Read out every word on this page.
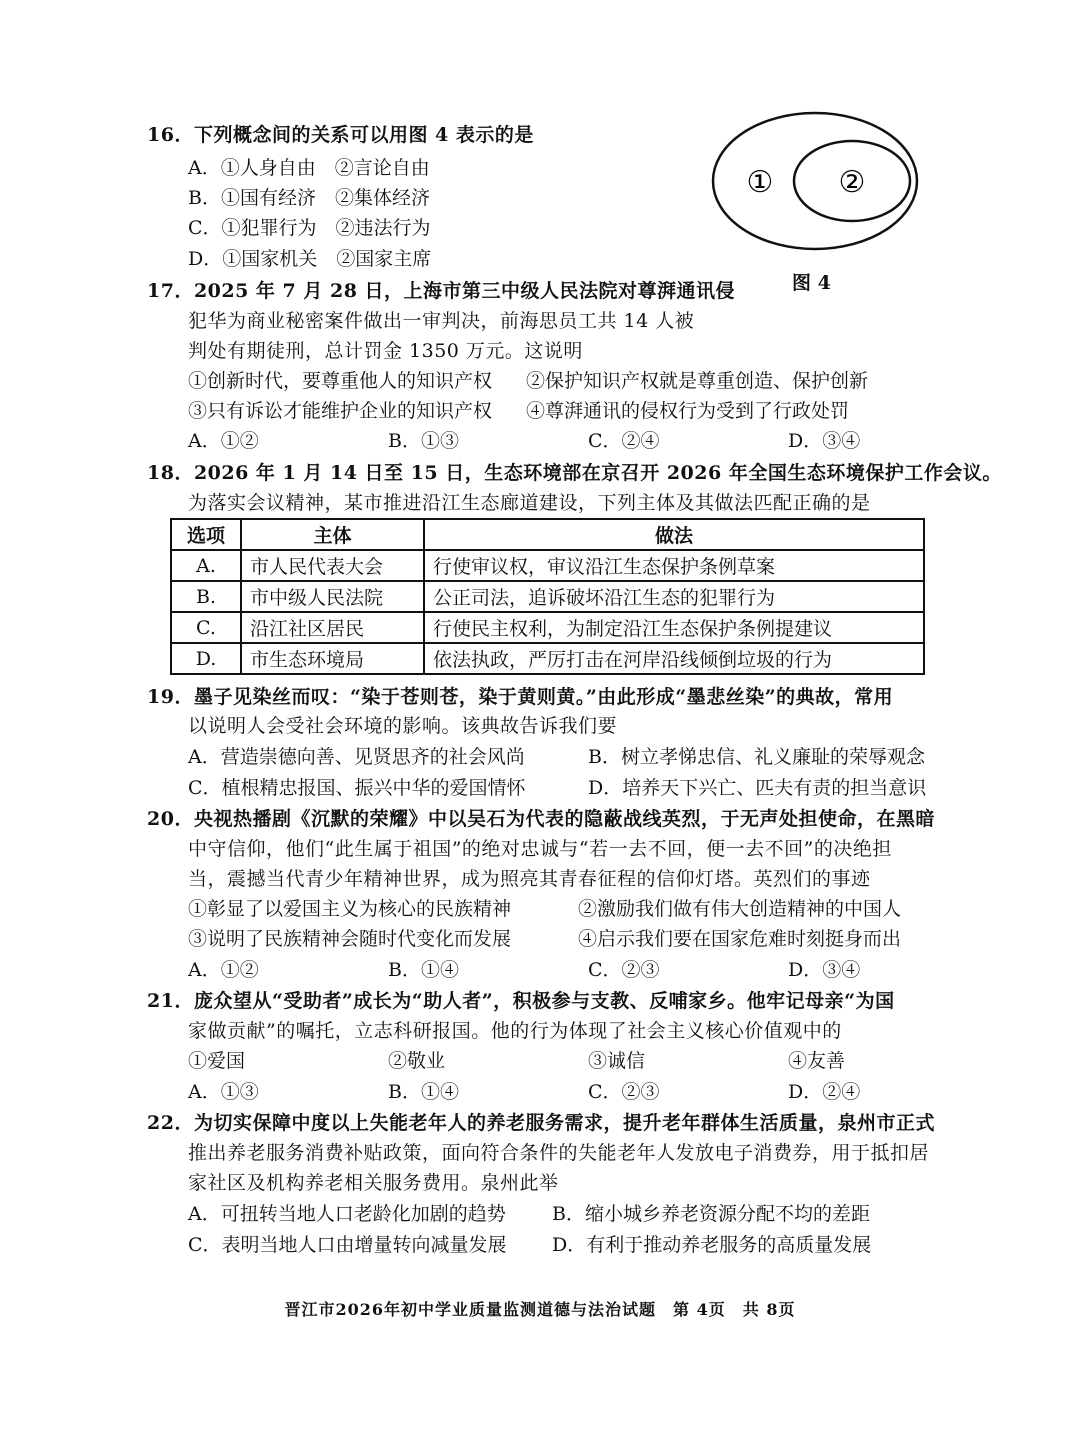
16．下列概念间的关系可以用图 4 表示的是
A．①人身自由　②言论自由
B．①国有经济　②集体经济
C．①犯罪行为　②违法行为
D．①国家机关　②国家主席
① ②
图 4
17．2025 年 7 月 28 日，上海市第三中级人民法院对尊湃通讯侵
犯华为商业秘密案件做出一审判决，前海思员工共 14 人被
判处有期徒刑，总计罚金 1350 万元。这说明
①创新时代，要尊重他人的知识产权 ②保护知识产权就是尊重创造、保护创新
③只有诉讼才能维护企业的知识产权 ④尊湃通讯的侵权行为受到了行政处罚
A．①②	B．①③	C．②④	D．③④
18．2026 年 1 月 14 日至 15 日，生态环境部在京召开 2026 年全国生态环境保护工作会议。
为落实会议精神，某市推进沿江生态廊道建设，下列主体及其做法匹配正确的是
选项	主体	做法
A.	市人民代表大会	行使审议权，审议沿江生态保护条例草案
B.	市中级人民法院	公正司法，追诉破坏沿江生态的犯罪行为
C.	沿江社区居民	行使民主权利，为制定沿江生态保护条例提建议
D.	市生态环境局	依法执政，严厉打击在河岸沿线倾倒垃圾的行为
19．墨子见染丝而叹：“染于苍则苍，染于黄则黄。”由此形成“墨悲丝染”的典故，常用
以说明人会受社会环境的影响。该典故告诉我们要
A．营造崇德向善、见贤思齐的社会风尚	B．树立孝悌忠信、礼义廉耻的荣辱观念
C．植根精忠报国、振兴中华的爱国情怀	D．培养天下兴亡、匹夫有责的担当意识
20．央视热播剧《沉默的荣耀》中以吴石为代表的隐蔽战线英烈，于无声处担使命，在黑暗
中守信仰，他们“此生属于祖国”的绝对忠诚与“若一去不回，便一去不回”的决绝担
当，震撼当代青少年精神世界，成为照亮其青春征程的信仰灯塔。英烈们的事迹
①彰显了以爱国主义为核心的民族精神	②激励我们做有伟大创造精神的中国人
③说明了民族精神会随时代变化而发展	④启示我们要在国家危难时刻挺身而出
A．①②	B．①④	C．②③	D．③④
21．庞众望从“受助者”成长为“助人者”，积极参与支教、反哺家乡。他牢记母亲“为国
家做贡献”的嘱托，立志科研报国。他的行为体现了社会主义核心价值观中的
①爱国	②敬业	③诚信	④友善
A．①③	B．①④	C．②③	D．②④
22．为切实保障中度以上失能老年人的养老服务需求，提升老年群体生活质量，泉州市正式
推出养老服务消费补贴政策，面向符合条件的失能老年人发放电子消费券，用于抵扣居
家社区及机构养老相关服务费用。泉州此举
A．可扭转当地人口老龄化加剧的趋势 B．缩小城乡养老资源分配不均的差距
C．表明当地人口由增量转向减量发展 D．有利于推动养老服务的高质量发展
晋江市2026年初中学业质量监测道德与法治试题　第 4页　共 8页
